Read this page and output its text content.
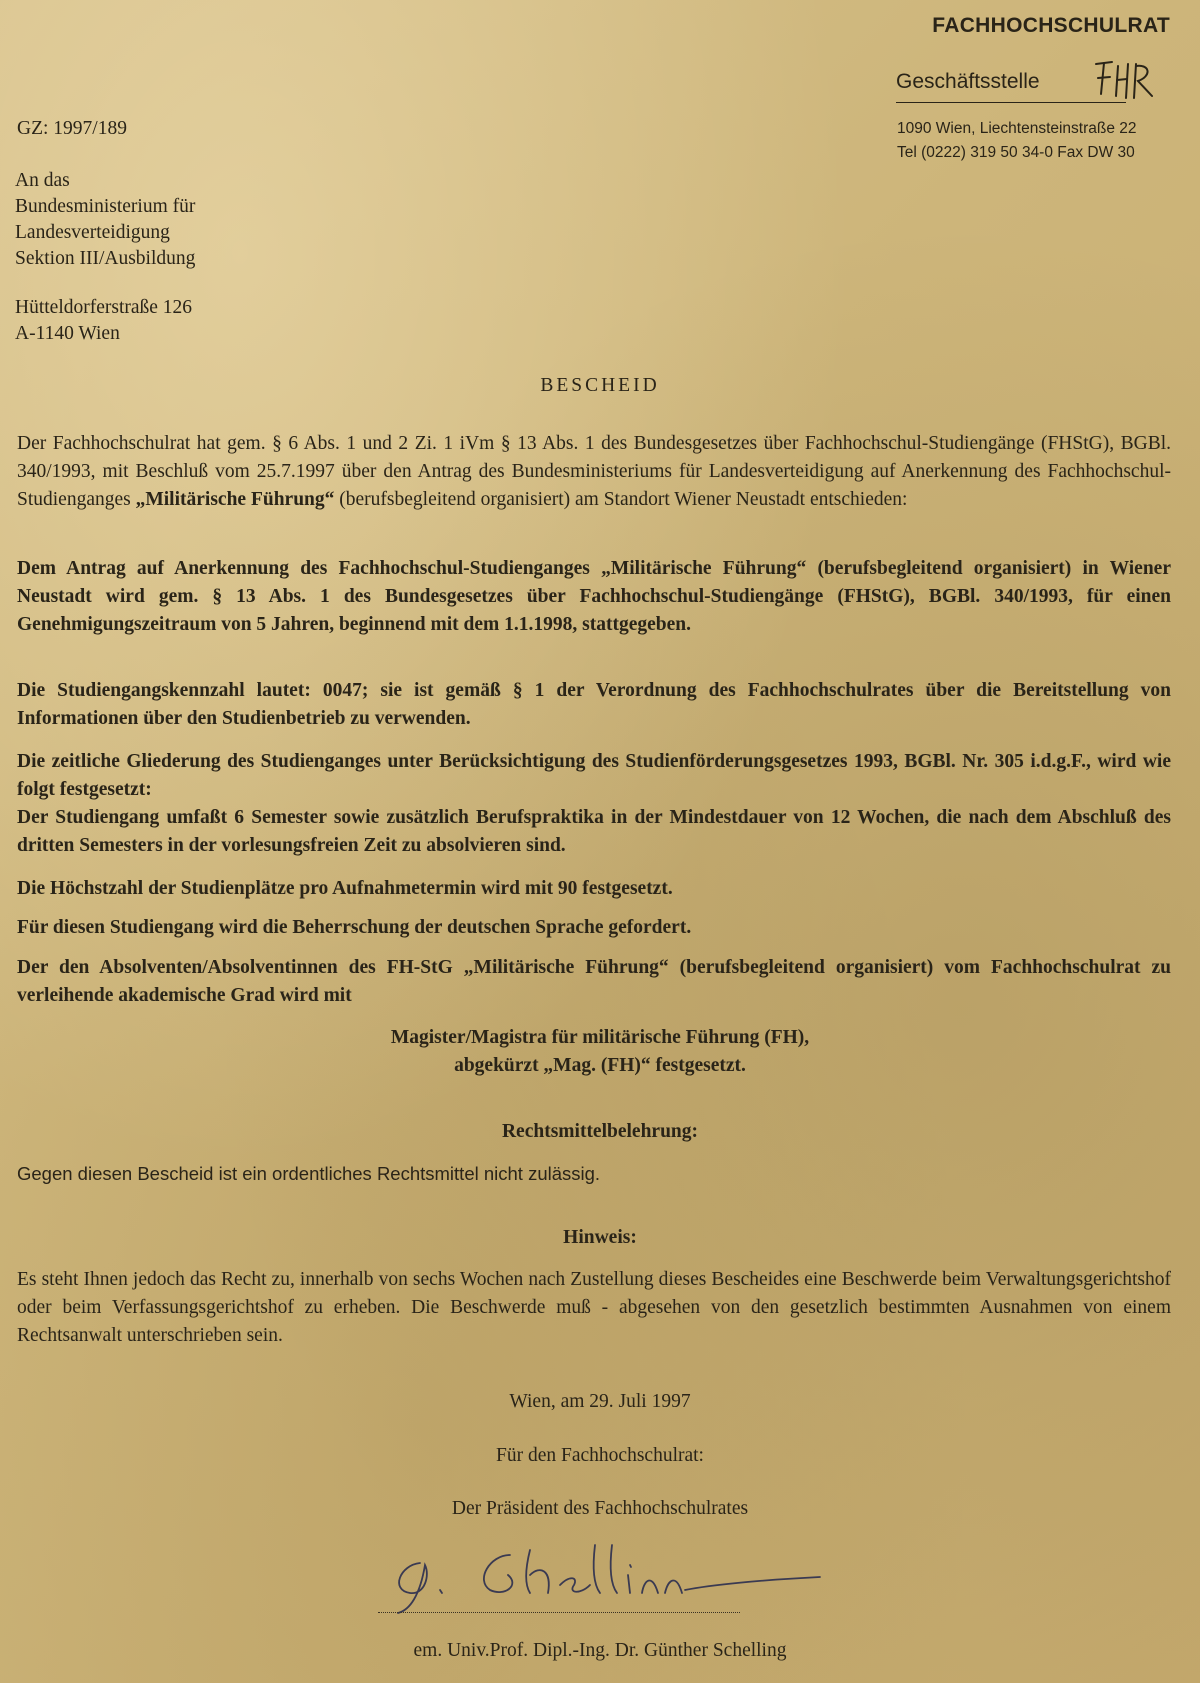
FACHHOCHSCHULRAT
Geschäftsstelle
1090 Wien, Liechtensteinstraße 22
Tel (0222) 319 50 34-0 Fax DW 30
GZ: 1997/189
An das
Bundesministerium für
Landesverteidigung
Sektion III/Ausbildung
Hütteldorferstraße 126
A-1140 Wien
BESCHEID
Der Fachhochschulrat hat gem. § 6 Abs. 1 und 2 Zi. 1 iVm § 13 Abs. 1 des Bundesgesetzes über Fachhochschul-Studiengänge (FHStG), BGBl. 340/1993, mit Beschluß vom 25.7.1997 über den Antrag des Bundesministeriums für Landesverteidigung auf Anerkennung des Fachhochschul-Studienganges „Militärische Führung“ (berufsbegleitend organisiert) am Standort Wiener Neustadt entschieden:
Dem Antrag auf Anerkennung des Fachhochschul-Studienganges „Militärische Führung“ (berufsbegleitend organisiert) in Wiener Neustadt wird gem. § 13 Abs. 1 des Bundesgesetzes über Fachhochschul-Studiengänge (FHStG), BGBl. 340/1993, für einen Genehmigungszeitraum von 5 Jahren, beginnend mit dem 1.1.1998, stattgegeben.
Die Studiengangskennzahl lautet: 0047; sie ist gemäß § 1 der Verordnung des Fachhochschulrates über die Bereitstellung von Informationen über den Studienbetrieb zu verwenden.
Die zeitliche Gliederung des Studienganges unter Berücksichtigung des Studienförderungsgesetzes 1993, BGBl. Nr. 305 i.d.g.F., wird wie folgt festgesetzt:
Der Studiengang umfaßt 6 Semester sowie zusätzlich Berufspraktika in der Mindestdauer von 12 Wochen, die nach dem Abschluß des dritten Semesters in der vorlesungsfreien Zeit zu absolvieren sind.
Die Höchstzahl der Studienplätze pro Aufnahmetermin wird mit 90 festgesetzt.
Für diesen Studiengang wird die Beherrschung der deutschen Sprache gefordert.
Der den Absolventen/Absolventinnen des FH-StG „Militärische Führung“ (berufsbegleitend organisiert) vom Fachhochschulrat zu verleihende akademische Grad wird mit
Magister/Magistra für militärische Führung (FH),
abgekürzt „Mag. (FH)“ festgesetzt.
Rechtsmittelbelehrung:
Gegen diesen Bescheid ist ein ordentliches Rechtsmittel nicht zulässig.
Hinweis:
Es steht Ihnen jedoch das Recht zu, innerhalb von sechs Wochen nach Zustellung dieses Bescheides eine Beschwerde beim Verwaltungsgerichtshof oder beim Verfassungsgerichtshof zu erheben. Die Beschwerde muß - abgesehen von den gesetzlich bestimmten Ausnahmen von einem Rechtsanwalt unterschrieben sein.
Wien, am 29. Juli 1997
Für den Fachhochschulrat:
Der Präsident des Fachhochschulrates
em. Univ.Prof. Dipl.-Ing. Dr. Günther Schelling
